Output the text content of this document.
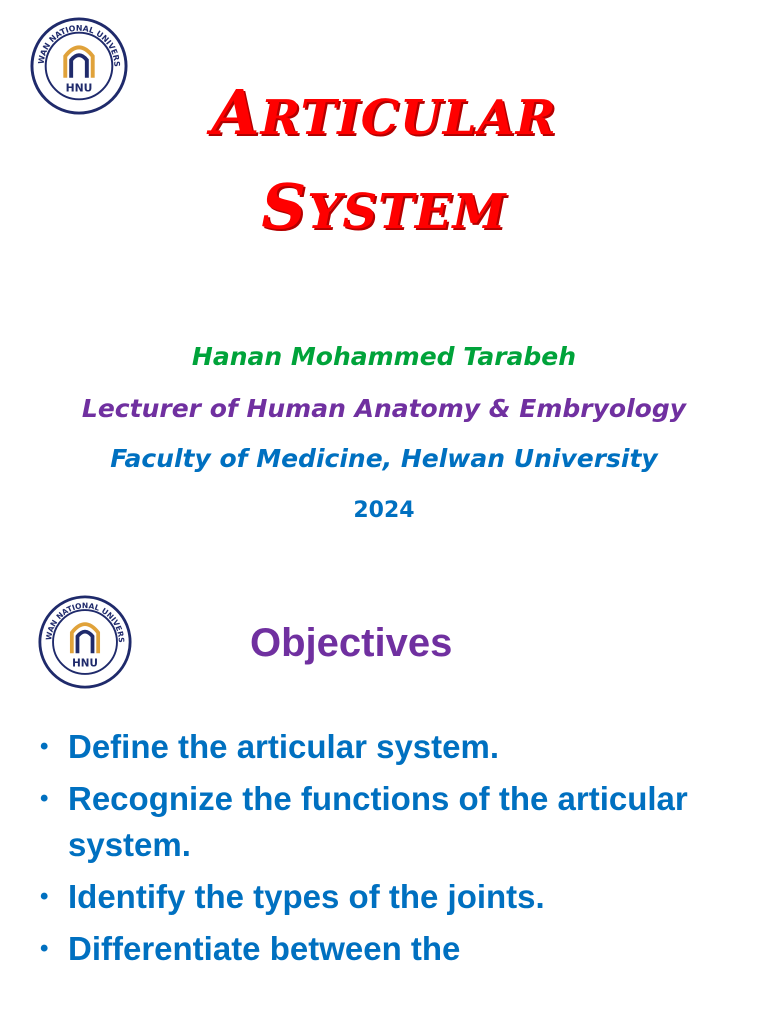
WAN NATIONAL UNIVERS
HNU	ARTICULAR
SYSTEM
Hanan Mohammed Tarabeh
Lecturer of Human Anatomy & Embryology
Faculty of Medicine, Helwan University
2024
WAN NATIONAL UNIVERS
HNU	Objectives
• Define the articular system.
• Recognize the functions of the articular system.
• Identify the types of the joints.
• Differentiate between the
